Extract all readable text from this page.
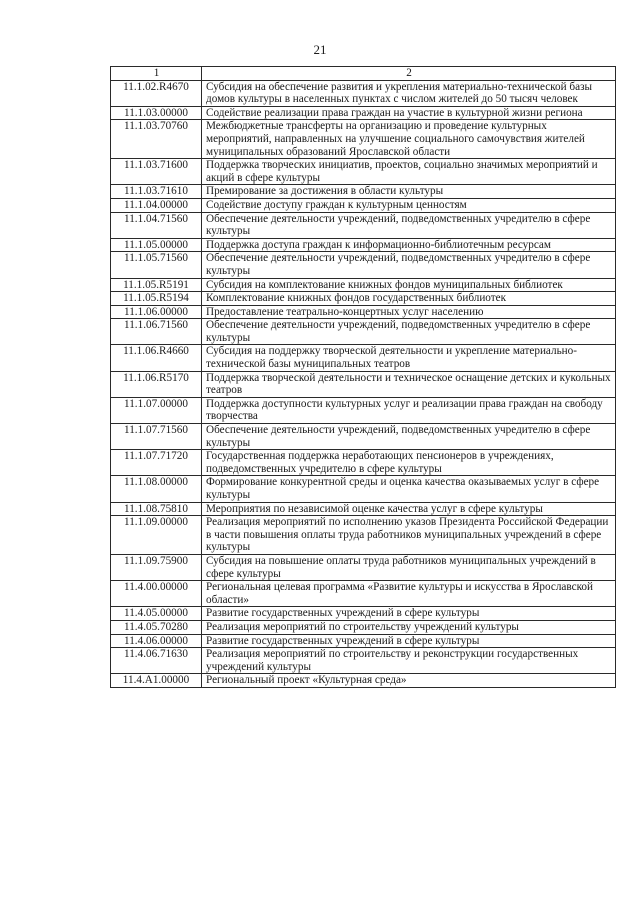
21
1	2
11.1.02.R4670	Субсидия на обеспечение развития и укрепления материально-технической базы домов культуры в населенных пунктах с числом жителей до 50 тысяч человек
11.1.03.00000	Содействие реализации права граждан на участие в культурной жизни региона
11.1.03.70760	Межбюджетные трансферты на организацию и проведение культурных мероприятий, направленных на улучшение социального самочувствия жителей муниципальных образований Ярославской области
11.1.03.71600	Поддержка творческих инициатив, проектов, социально значимых мероприятий и акций в сфере культуры
11.1.03.71610	Премирование за достижения в области культуры
11.1.04.00000	Содействие доступу граждан к культурным ценностям
11.1.04.71560	Обеспечение деятельности учреждений, подведомственных учредителю в сфере культуры
11.1.05.00000	Поддержка доступа граждан к информационно-библиотечным ресурсам
11.1.05.71560	Обеспечение деятельности учреждений, подведомственных учредителю в сфере культуры
11.1.05.R5191	Субсидия на комплектование книжных фондов муниципальных библиотек
11.1.05.R5194	Комплектование книжных фондов государственных библиотек
11.1.06.00000	Предоставление театрально-концертных услуг населению
11.1.06.71560	Обеспечение деятельности учреждений, подведомственных учредителю в сфере культуры
11.1.06.R4660	Субсидия на поддержку творческой деятельности и укрепление материально-технической базы муниципальных театров
11.1.06.R5170	Поддержка творческой деятельности и техническое оснащение детских и кукольных театров
11.1.07.00000	Поддержка доступности культурных услуг и реализации права граждан на свободу творчества
11.1.07.71560	Обеспечение деятельности учреждений, подведомственных учредителю в сфере культуры
11.1.07.71720	Государственная поддержка неработающих пенсионеров в учреждениях, подведомственных учредителю в сфере культуры
11.1.08.00000	Формирование конкурентной среды и оценка качества оказываемых услуг в сфере культуры
11.1.08.75810	Мероприятия по независимой оценке качества услуг в сфере культуры
11.1.09.00000	Реализация мероприятий по исполнению указов Президента Российской Федерации в части повышения оплаты труда работников муниципальных учреждений в сфере культуры
11.1.09.75900	Субсидия на повышение оплаты труда работников муниципальных учреждений в сфере культуры
11.4.00.00000	Региональная целевая программа «Развитие культуры и искусства в Ярославской области»
11.4.05.00000	Развитие государственных учреждений в сфере культуры
11.4.05.70280	Реализация мероприятий по строительству учреждений культуры
11.4.06.00000	Развитие государственных учреждений в сфере культуры
11.4.06.71630	Реализация мероприятий по строительству и реконструкции государственных учреждений культуры
11.4.А1.00000	Региональный проект «Культурная среда»
